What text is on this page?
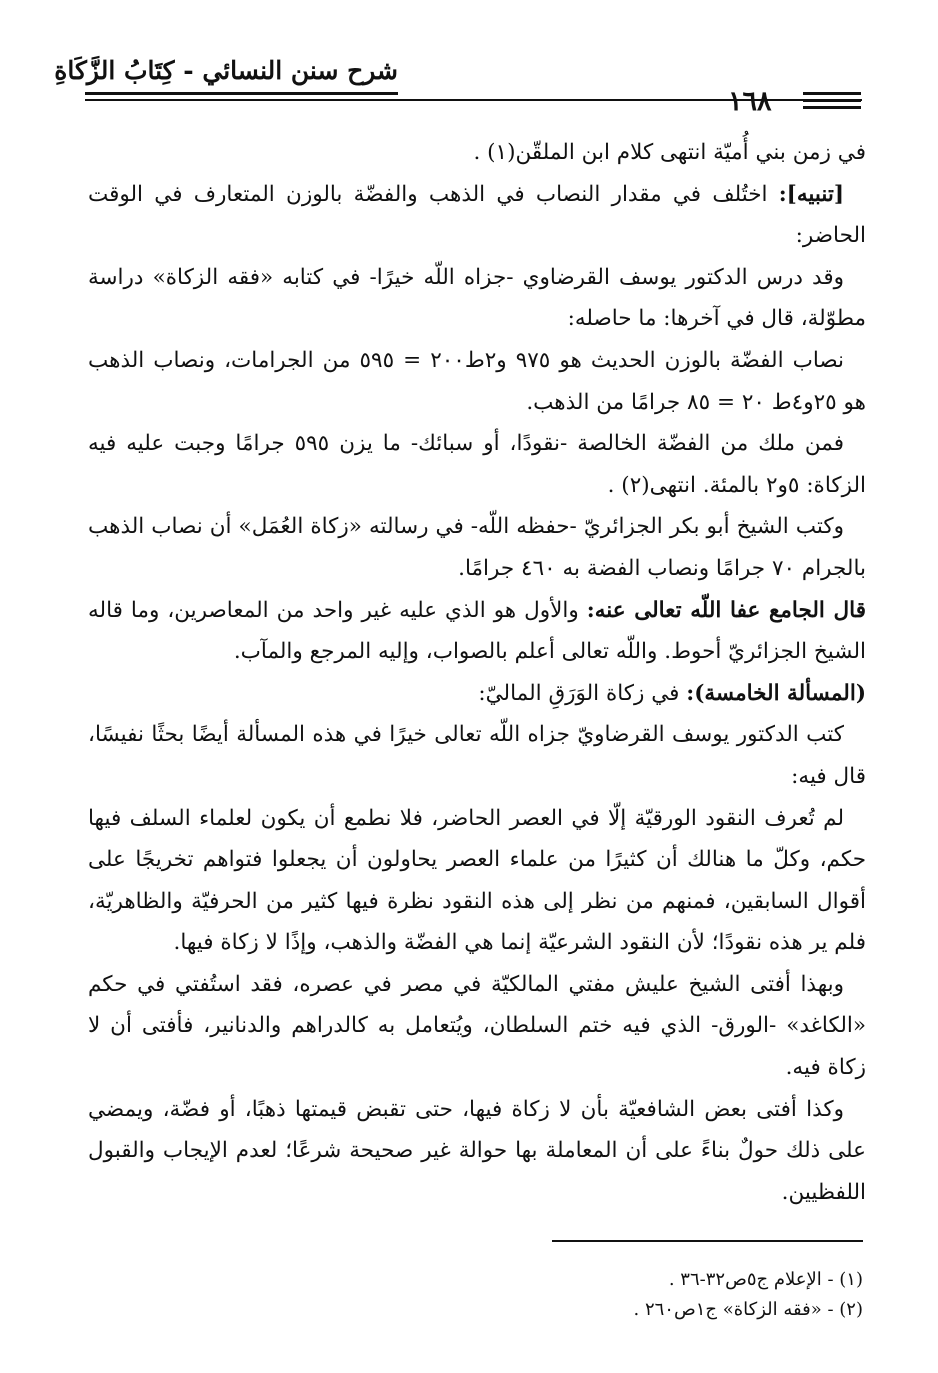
شرح سنن النسائي - كِتَابُ الزَّكَاةِ
١٦٨

في زمن بني أُميّة انتهى كلام ابن الملقّن(١) .

[تنبيه]: اختُلف في مقدار النصاب في الذهب والفضّة بالوزن المتعارف في الوقت الحاضر:

وقد درس الدكتور يوسف القرضاوي -جزاه اللّه خيرًا- في كتابه «فقه الزكاة» دراسة مطوّلة، قال في آخرها: ما حاصله:

نصاب الفضّة بالوزن الحديث هو ٩٧٥ و٢ط٢٠٠ = ٥٩٥ من الجرامات، ونصاب الذهب هو ٢٥و٤ط ٢٠ = ٨٥ جرامًا من الذهب.

فمن ملك من الفضّة الخالصة -نقودًا، أو سبائك- ما يزن ٥٩٥ جرامًا وجبت عليه فيه الزكاة: ٥و٢ بالمئة. انتهى(٢) .

وكتب الشيخ أبو بكر الجزائريّ -حفظه اللّه- في رسالته «زكاة العُمَل» أن نصاب الذهب بالجرام ٧٠ جرامًا ونصاب الفضة به ٤٦٠ جرامًا.

قال الجامع عفا اللّه تعالى عنه: والأول هو الذي عليه غير واحد من المعاصرين، وما قاله الشيخ الجزائريّ أحوط. واللّه تعالى أعلم بالصواب، وإليه المرجع والمآب.

(المسألة الخامسة): في زكاة الوَرَقِ الماليّ:

كتب الدكتور يوسف القرضاويّ جزاه اللّه تعالى خيرًا في هذه المسألة أيضًا بحثًا نفيسًا، قال فيه:

لم تُعرف النقود الورقيّة إلّا في العصر الحاضر، فلا نطمع أن يكون لعلماء السلف فيها حكم، وكلّ ما هنالك أن كثيرًا من علماء العصر يحاولون أن يجعلوا فتواهم تخريجًا على أقوال السابقين، فمنهم من نظر إلى هذه النقود نظرة فيها كثير من الحرفيّة والظاهريّة، فلم ير هذه نقودًا؛ لأن النقود الشرعيّة إنما هي الفضّة والذهب، وإذًا لا زكاة فيها.

وبهذا أفتى الشيخ عليش مفتي المالكيّة في مصر في عصره، فقد استُفتي في حكم «الكاغد» -الورق- الذي فيه ختم السلطان، ويُتعامل به كالدراهم والدنانير، فأفتى أن لا زكاة فيه.

وكذا أفتى بعض الشافعيّة بأن لا زكاة فيها، حتى تقبض قيمتها ذهبًا، أو فضّة، ويمضي على ذلك حولٌ بناءً على أن المعاملة بها حوالة غير صحيحة شرعًا؛ لعدم الإيجاب والقبول اللفظيين.

(١) - الإعلام ج٥ص٣٢-٣٦ .
(٢) - «فقه الزكاة» ج١ص٢٦٠ .
